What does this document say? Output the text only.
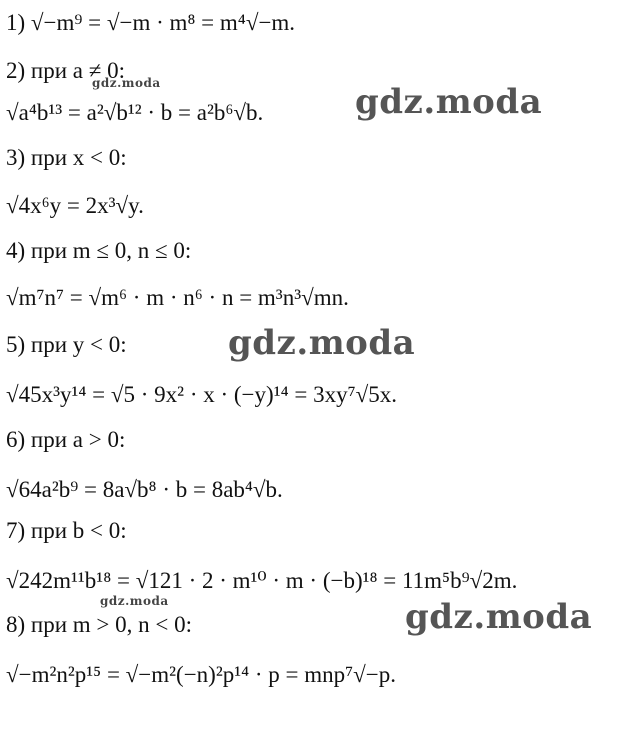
1) √−m⁹ = √−m · m⁸ = m⁴√−m.
2) при a ≠ 0:
√a⁴b¹³ = a²√b¹² · b = a²b⁶√b.
3) при x < 0:
√4x⁶y = 2x³√y.
4) при m ≤ 0, n ≤ 0:
√m⁷n⁷ = √m⁶ · m · n⁶ · n = m³n³√mn.
5) при y < 0:
√45x³y¹⁴ = √5 · 9x² · x · (−y)¹⁴ = 3xy⁷√5x.
6) при a > 0:
√64a²b⁹ = 8a√b⁸ · b = 8ab⁴√b.
7) при b < 0:
√242m¹¹b¹⁸ = √121 · 2 · m¹⁰ · m · (−b)¹⁸ = 11m⁵b⁹√2m.
8) при m > 0, n < 0:
√−m²n²p¹⁵ = √−m²(−n)²p¹⁴ · p = mnp⁷√−p.
gdz.moda	gdz.moda
gdz.moda
gdz.moda	gdz.moda
